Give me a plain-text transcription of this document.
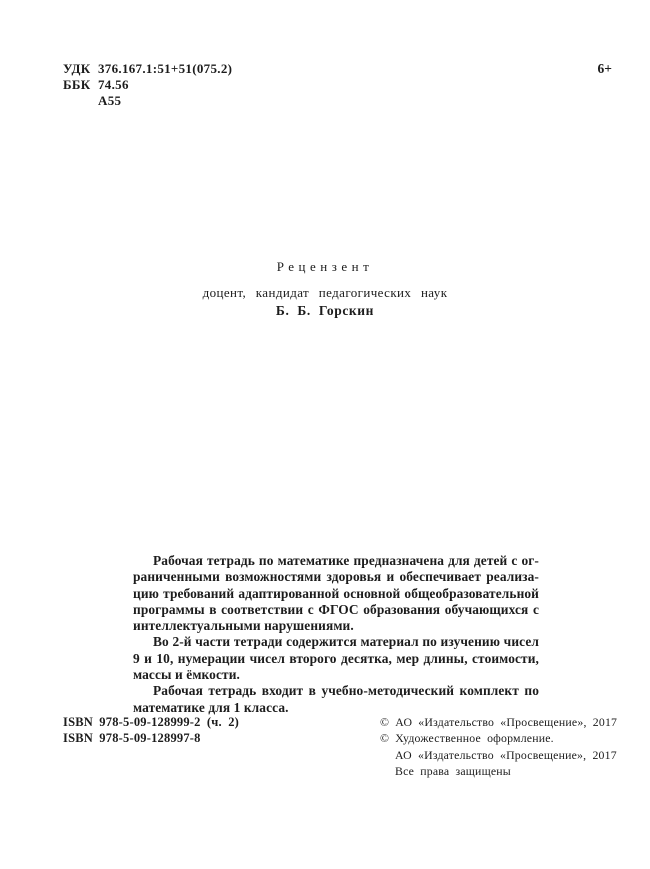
УДК 376.167.1:51+51(075.2)
ББК 74.56
А55
6+
Рецензент
доцент, кандидат педагогических наук
Б. Б. Горскин
Рабочая тетрадь по математике предназначена для детей с ог-
раниченными возможностями здоровья и обеспечивает реализа-
цию требований адаптированной основной общеобразовательной
программы в соответствии с ФГОС образования обучающихся с
интеллектуальными нарушениями.
Во 2-й части тетради содержится материал по изучению чисел
9 и 10, нумерации чисел второго десятка, мер длины, стоимости,
массы и ёмкости.
Рабочая тетрадь входит в учебно-методический комплект по
математике для 1 класса.
ISBN 978-5-09-128999-2 (ч. 2)
ISBN 978-5-09-128997-8
© АО «Издательство «Просвещение», 2017
© Художественное оформление.
АО «Издательство «Просвещение», 2017
Все права защищены
